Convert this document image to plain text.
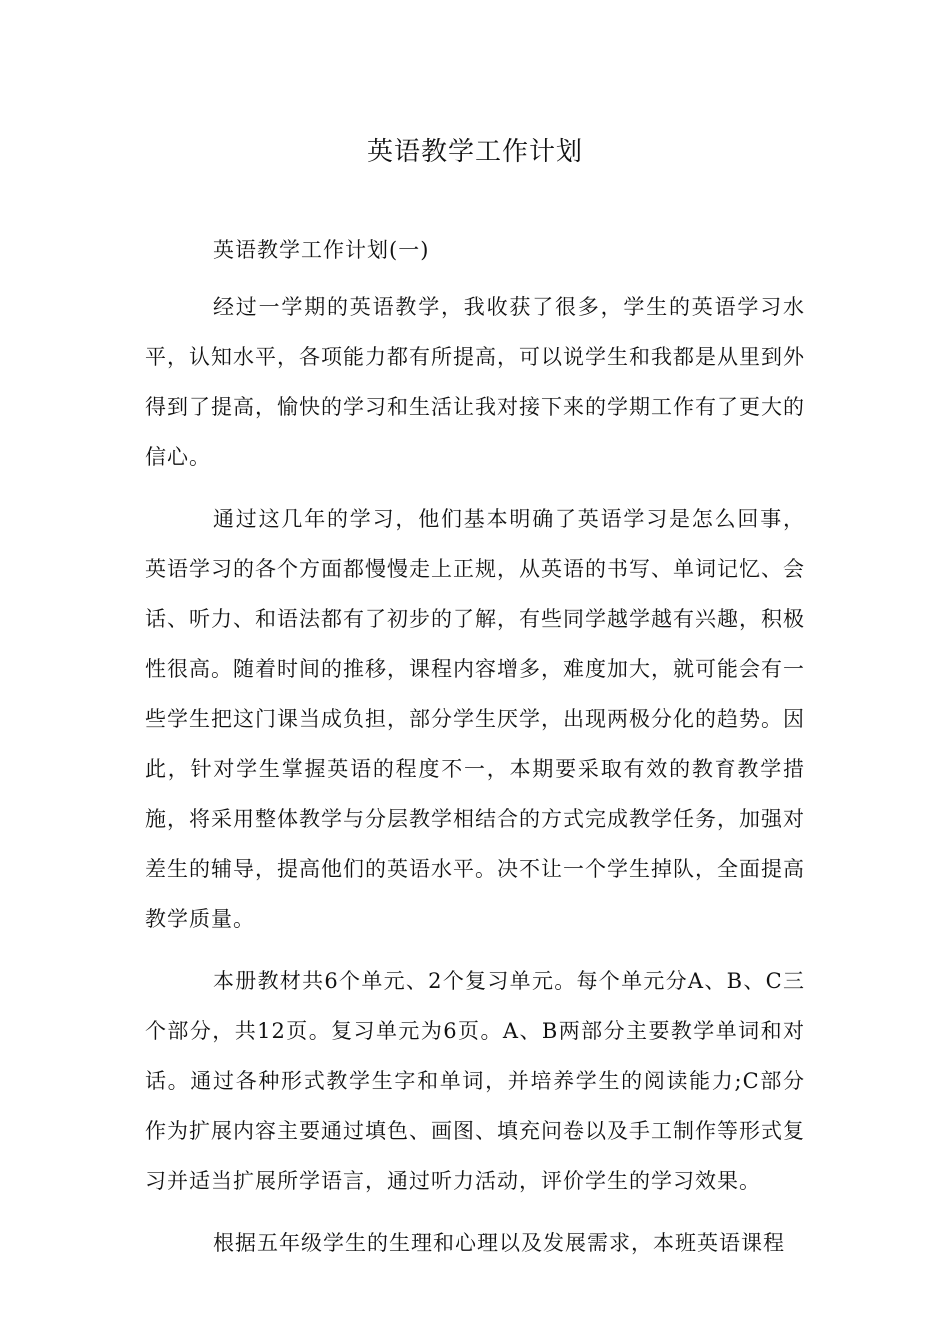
英语教学工作计划

英语教学工作计划(一)

经过一学期的英语教学，我收获了很多，学生的英语学习水平，认知水平，各项能力都有所提高，可以说学生和我都是从里到外得到了提高，愉快的学习和生活让我对接下来的学期工作有了更大的信心。

通过这几年的学习，他们基本明确了英语学习是怎么回事，英语学习的各个方面都慢慢走上正规，从英语的书写、单词记忆、会话、听力、和语法都有了初步的了解，有些同学越学越有兴趣，积极性很高。随着时间的推移，课程内容增多，难度加大，就可能会有一些学生把这门课当成负担，部分学生厌学，出现两极分化的趋势。因此，针对学生掌握英语的程度不一，本期要采取有效的教育教学措施，将采用整体教学与分层教学相结合的方式完成教学任务，加强对差生的辅导，提高他们的英语水平。决不让一个学生掉队，全面提高教学质量。

本册教材共6个单元、2个复习单元。每个单元分A、B、C三个部分，共12页。复习单元为6页。A、B两部分主要教学单词和对话。通过各种形式教学生字和单词，并培养学生的阅读能力;C部分作为扩展内容主要通过填色、画图、填充问卷以及手工制作等形式复习并适当扩展所学语言，通过听力活动，评价学生的学习效果。

根据五年级学生的生理和心理以及发展需求，本班英语课程
